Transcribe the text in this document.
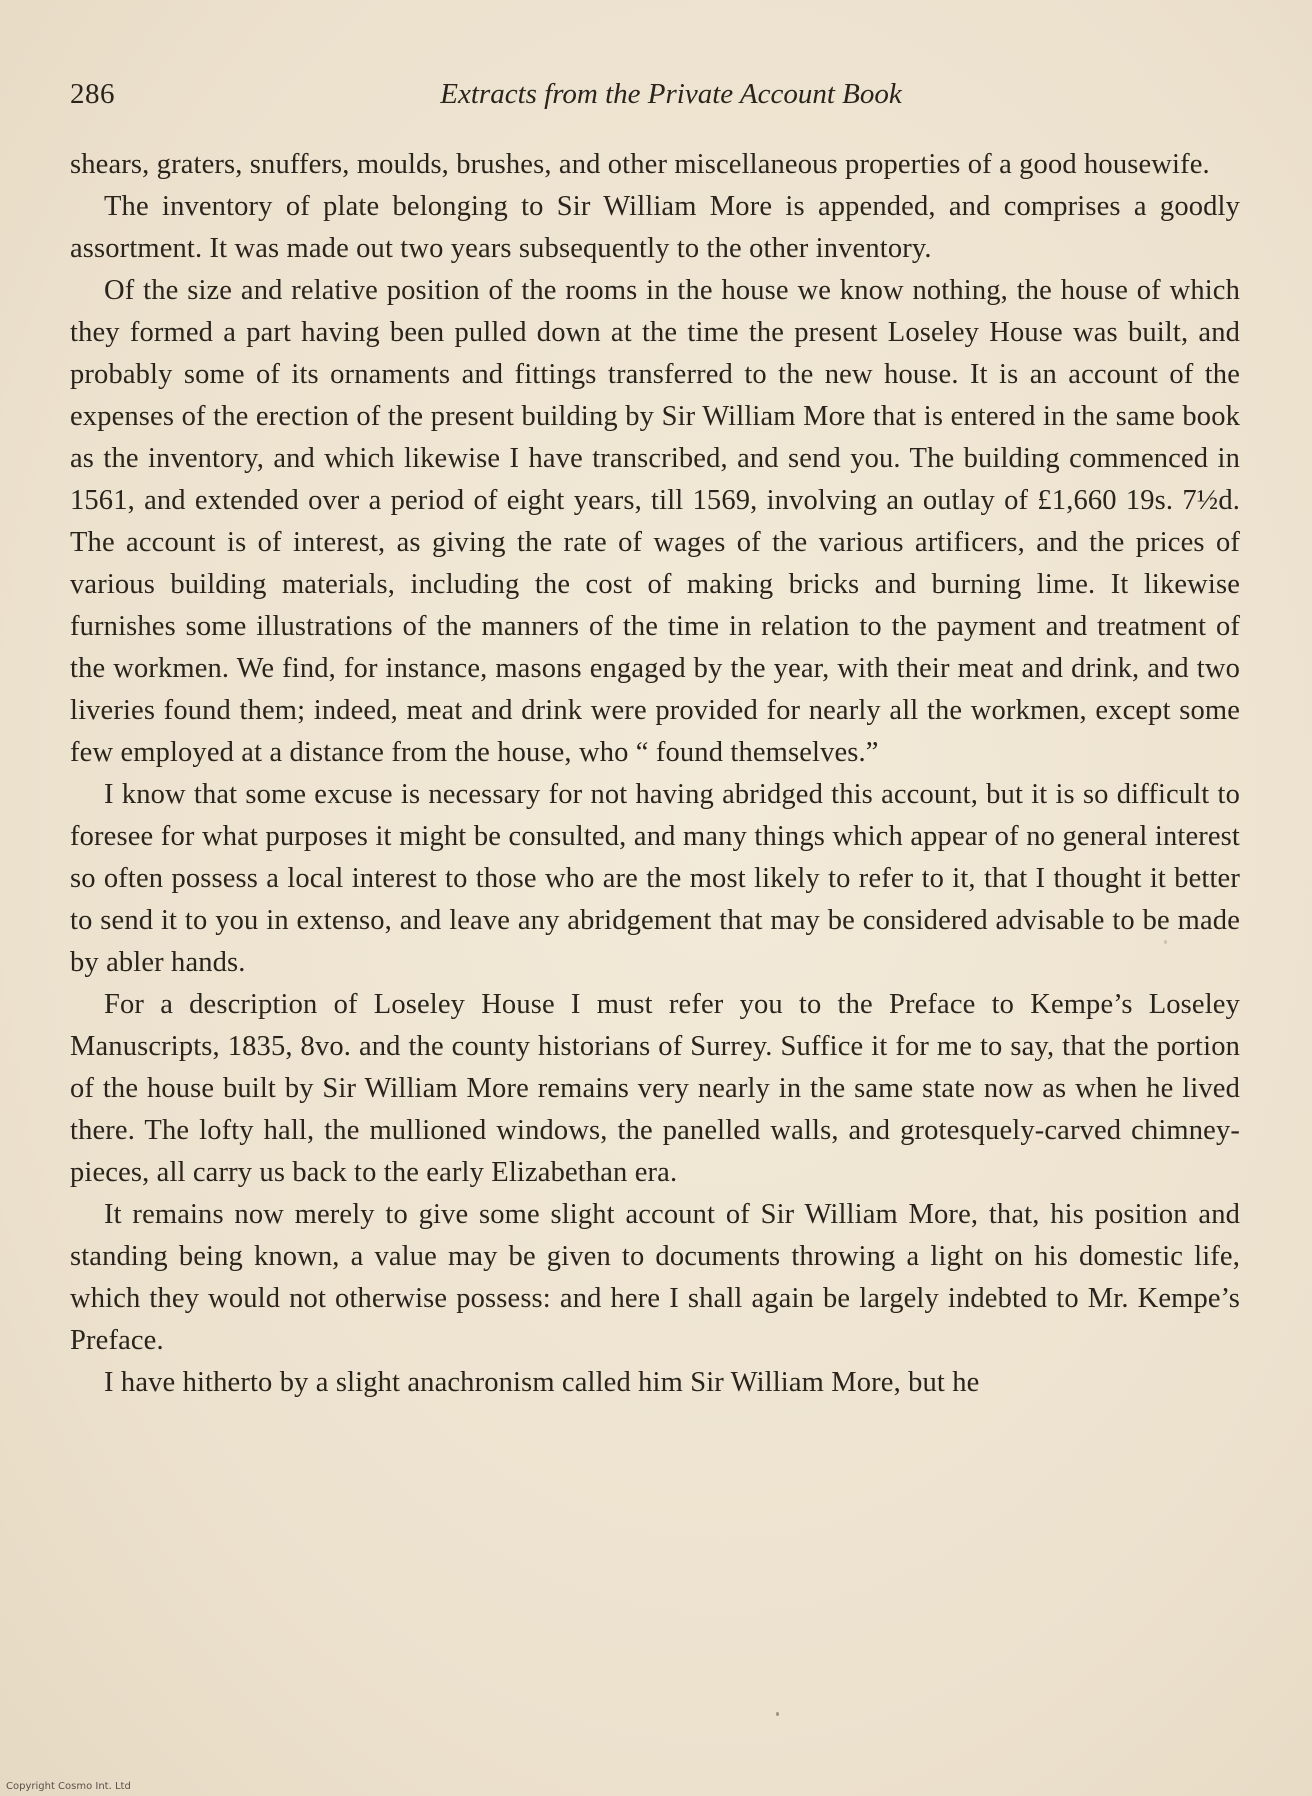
286	Extracts from the Private Account Book

shears, graters, snuffers, moulds, brushes, and other miscellaneous properties of a good housewife.

The inventory of plate belonging to Sir William More is appended, and comprises a goodly assortment. It was made out two years subsequently to the other inventory.

Of the size and relative position of the rooms in the house we know nothing, the house of which they formed a part having been pulled down at the time the present Loseley House was built, and probably some of its ornaments and fittings transferred to the new house. It is an account of the expenses of the erection of the present building by Sir William More that is entered in the same book as the inventory, and which likewise I have transcribed, and send you. The building commenced in 1561, and extended over a period of eight years, till 1569, involving an outlay of £1,660 19s. 7½d. The account is of interest, as giving the rate of wages of the various artificers, and the prices of various building materials, including the cost of making bricks and burning lime. It likewise furnishes some illustrations of the manners of the time in relation to the payment and treatment of the workmen. We find, for instance, masons engaged by the year, with their meat and drink, and two liveries found them; indeed, meat and drink were provided for nearly all the workmen, except some few employed at a distance from the house, who “ found themselves.”

I know that some excuse is necessary for not having abridged this account, but it is so difficult to foresee for what purposes it might be consulted, and many things which appear of no general interest so often possess a local interest to those who are the most likely to refer to it, that I thought it better to send it to you in extenso, and leave any abridgement that may be considered advisable to be made by abler hands.

For a description of Loseley House I must refer you to the Preface to Kempe’s Loseley Manuscripts, 1835, 8vo. and the county historians of Surrey. Suffice it for me to say, that the portion of the house built by Sir William More remains very nearly in the same state now as when he lived there. The lofty hall, the mullioned windows, the panelled walls, and grotesquely-carved chimney-pieces, all carry us back to the early Elizabethan era.

It remains now merely to give some slight account of Sir William More, that, his position and standing being known, a value may be given to documents throwing a light on his domestic life, which they would not otherwise possess: and here I shall again be largely indebted to Mr. Kempe’s Preface.

I have hitherto by a slight anachronism called him Sir William More, but he

Copyright Cosmo Int. Ltd
